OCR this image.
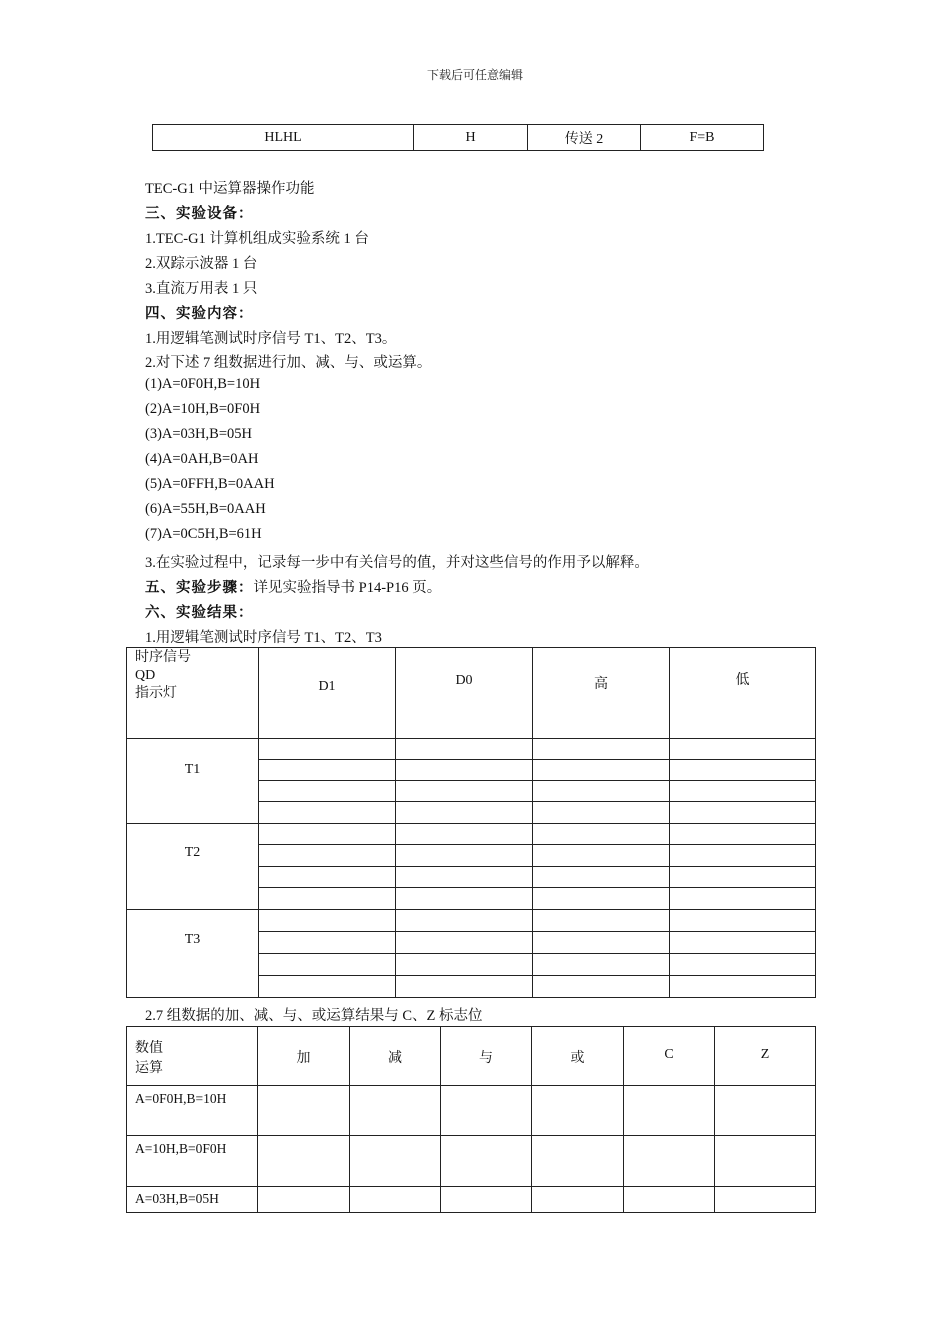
下载后可任意编辑
HLHL	H	传送 2	F=B
TEC-G1 中运算器操作功能
三、实验设备：
1.TEC-G1 计算机组成实验系统 1 台
2.双踪示波器 1 台
3.直流万用表 1 只
四、实验内容：
1.用逻辑笔测试时序信号 T1、T2、T3。
2.对下述 7 组数据进行加、减、与、或运算。
(1)A=0F0H,B=10H
(2)A=10H,B=0F0H
(3)A=03H,B=05H
(4)A=0AH,B=0AH
(5)A=0FFH,B=0AAH
(6)A=55H,B=0AAH
(7)A=0C5H,B=61H
3.在实验过程中，记录每一步中有关信号的值，并对这些信号的作用予以解释。
五、实验步骤：详见实验指导书 P14-P16 页。
六、实验结果：
1.用逻辑笔测试时序信号 T1、T2、T3
时序信号
QD
指示灯	D1	D0	高	低
T1				

T2				

T3				

2.7 组数据的加、减、与、或运算结果与 C、Z 标志位
数值
运算	加	减	与	或	C	Z
A=0F0H,B=10H						
A=10H,B=0F0H						
A=03H,B=05H						
